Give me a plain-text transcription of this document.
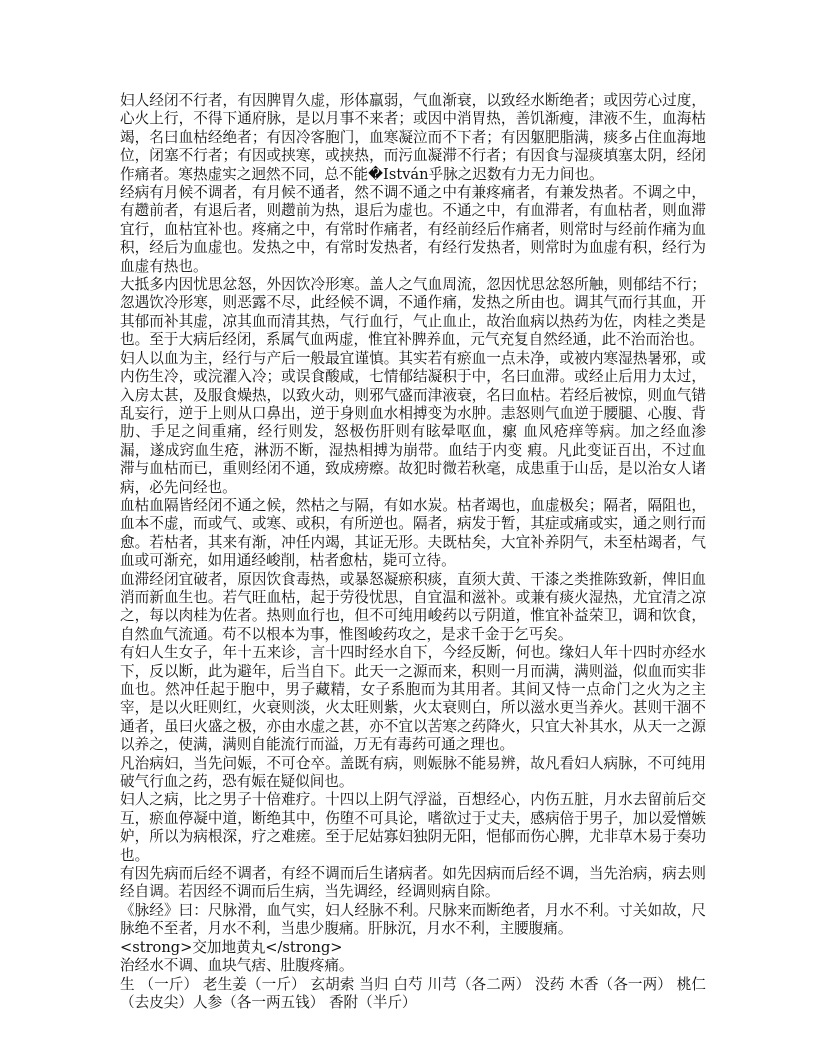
妇人经闭不行者，有因脾胃久虚，形体羸弱，气血渐衰，以致经水断绝者；或因劳心过度，心火上行，不得下通府脉，是以月事不来者；或因中消胃热，善饥渐瘦，津液不生，血海枯竭，名曰血枯经绝者；有因冷客胞门，血寒凝泣而不下者；有因躯肥脂满，痰多占住血海地位，闭塞不行者；有因或挟寒，或挟热，而污血凝滞不行者；有因食与湿痰填塞太阴，经闭作痛者。寒热虚实之迥然不同，总不能�István乎脉之迟数有力无力间也。

经病有月候不调者，有月候不通者，然不调不通之中有兼疼痛者，有兼发热者。不调之中，有趱前者，有退后者，则趱前为热，退后为虚也。不通之中，有血滞者，有血枯者，则血滞宜行，血枯宜补也。疼痛之中，有常时作痛者，有经前经后作痛者，则常时与经前作痛为血积，经后为血虚也。发热之中，有常时发热者，有经行发热者，则常时为血虚有积，经行为血虚有热也。

大抵多内因忧思忿怒，外因饮冷形寒。盖人之气血周流，忽因忧思忿怒所触，则郁结不行；忽遇饮冷形寒，则恶露不尽，此经候不调，不通作痛，发热之所由也。调其气而行其血，开其郁而补其虚，凉其血而清其热，气行血行，气止血止，故治血病以热药为佐，肉桂之类是也。至于大病后经闭，系属气血两虚，惟宜补脾养血，元气充复自然经通，此不治而治也。

妇人以血为主，经行与产后一般最宜谨慎。其实若有瘀血一点未净，或被内寒湿热暑邪，或内伤生冷，或浣濯入冷；或误食酸咸，七情郁结凝积于中，名曰血滞。或经止后用力太过，入房太甚，及服食燥热，以致火动，则邪气盛而津液衰，名曰血枯。若经后被惊，则血气错乱妄行，逆于上则从口鼻出，逆于身则血水相搏变为水肿。恚怒则气血逆于腰腿、心腹、背肋、手足之间重痛，经行则发，怒极伤肝则有眩晕呕血，瘰 血风疮痒等病。加之经血渗漏，遂成窍血生疮，淋沥不断，湿热相搏为崩带。血结于内变 瘕。凡此变证百出，不过血滞与血枯而已，重则经闭不通，致成痨瘵。故犯时微若秋毫，成患重于山岳，是以治女人诸病，必先问经也。

血枯血隔皆经闭不通之候，然枯之与隔，有如水炭。枯者竭也，血虚极矣；隔者，隔阻也，血本不虚，而或气、或寒、或积，有所逆也。隔者，病发于暂，其症或痛或实，通之则行而愈。若枯者，其来有渐，冲任内竭，其证无形。夫既枯矣，大宜补养阴气，未至枯竭者，气血或可渐充，如用通经峻削，枯者愈枯，毙可立待。

血滞经闭宜破者，原因饮食毒热，或暴怒凝瘀积痰，直须大黄、干漆之类推陈致新，俾旧血消而新血生也。若气旺血枯，起于劳役忧思，自宜温和滋补。或兼有痰火湿热，尤宜清之凉之，每以肉桂为佐者。热则血行也，但不可纯用峻药以亏阴道，惟宜补益荣卫，调和饮食，自然血气流通。苟不以根本为事，惟图峻药攻之，是求千金于乞丐矣。

有妇人生女子，年十五来诊，言十四时经水自下，今经反断，何也。缘妇人年十四时亦经水下，反以断，此为避年，后当自下。此天一之源而来，积则一月而满，满则溢，似血而实非血也。然冲任起于胞中，男子藏精，女子系胞而为其用者。其间又恃一点命门之火为之主宰，是以火旺则红，火衰则淡，火太旺则紫，火太衰则白，所以滋水更当养火。甚则干涸不通者，虽曰火盛之极，亦由水虚之甚，亦不宜以苦寒之药降火，只宜大补其水，从天一之源以养之，使满，满则自能流行而溢，万无有毒药可通之理也。

凡治病妇，当先问娠，不可仓卒。盖既有病，则娠脉不能易辨，故凡看妇人病脉，不可纯用破气行血之药，恐有娠在疑似间也。

妇人之病，比之男子十倍难疗。十四以上阴气浮溢，百想经心，内伤五脏，月水去留前后交互，瘀血停凝中道，断绝其中，伤堕不可具论，嗜欲过于丈夫，感病倍于男子，加以爱憎嫉妒，所以为病根深，疗之难瘥。至于尼姑寡妇独阴无阳，悒郁而伤心脾，尤非草木易于奏功也。

有因先病而后经不调者，有经不调而后生诸病者。如先因病而后经不调，当先治病，病去则经自调。若因经不调而后生病，当先调经，经调则病自除。

《脉经》曰：尺脉滑，血气实，妇人经脉不利。尺脉来而断绝者，月水不利。寸关如故，尺脉绝不至者，月水不利，当患少腹痛。肝脉沉，月水不利，主腰腹痛。

<strong>交加地黄丸</strong>

治经水不调、血块气痞、肚腹疼痛。

生 （一斤） 老生姜（一斤） 玄胡索 当归 白芍 川芎（各二两） 没药 木香（各一两） 桃仁（去皮尖）人参（各一两五钱） 香附（半斤）
